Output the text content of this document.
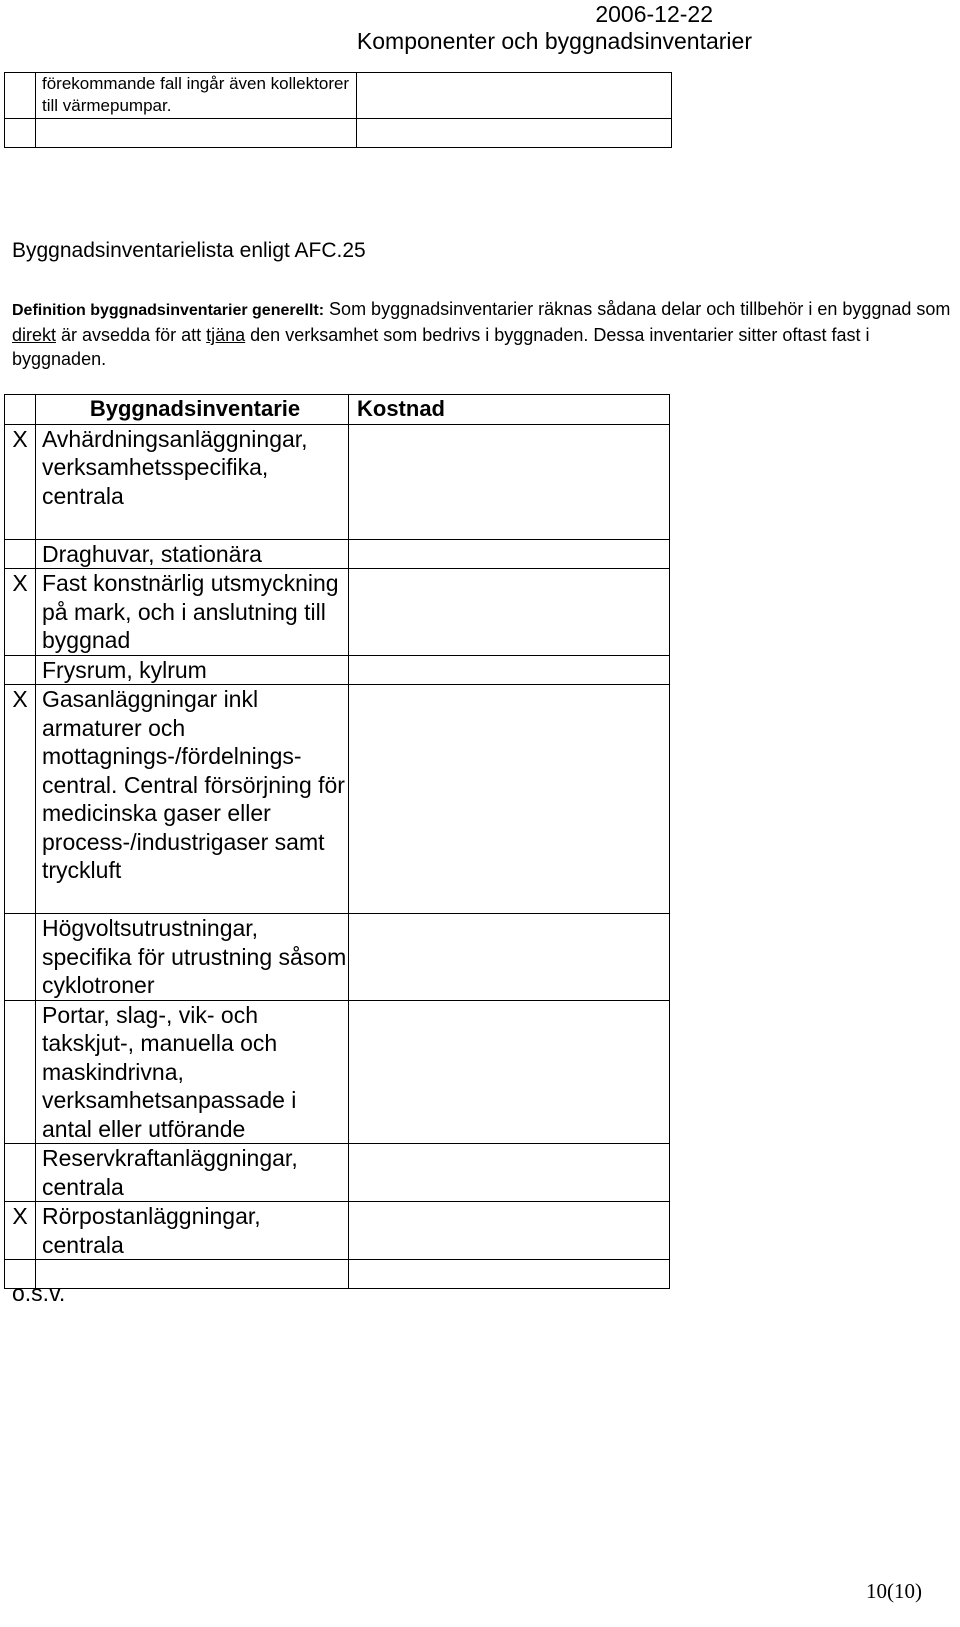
2006-12-22
Komponenter och byggnadsinventarier
	förekommande fall ingår även kollektorer till värmepumpar.	

Byggnadsinventarielista enligt AFC.25
Definition byggnadsinventarier generellt: Som byggnadsinventarier räknas sådana delar och tillbehör i en byggnad som direkt är avsedda för att tjäna den verksamhet som bedrivs i byggnaden. Dessa inventarier sitter oftast fast i byggnaden.
	Byggnadsinventarie	Kostnad
X	Avhärdningsanläggningar, verksamhetsspecifika, centrala	
	Draghuvar, stationära	
X	Fast konstnärlig utsmyckning på mark, och i anslutning till byggnad	
	Frysrum, kylrum	
X	Gasanläggningar inkl armaturer och mottagnings-/fördelnings-central. Central försörjning för medicinska gaser eller process-/industrigaser samt tryckluft	
	Högvoltsutrustningar, specifika för utrustning såsom cyklotroner	
	Portar, slag-, vik- och takskjut-, manuella och maskindrivna, verksamhetsanpassade i antal eller utförande	
	Reservkraftanläggningar, centrala	
X	Rörpostanläggningar, centrala	

o.s.v.
10(10)
